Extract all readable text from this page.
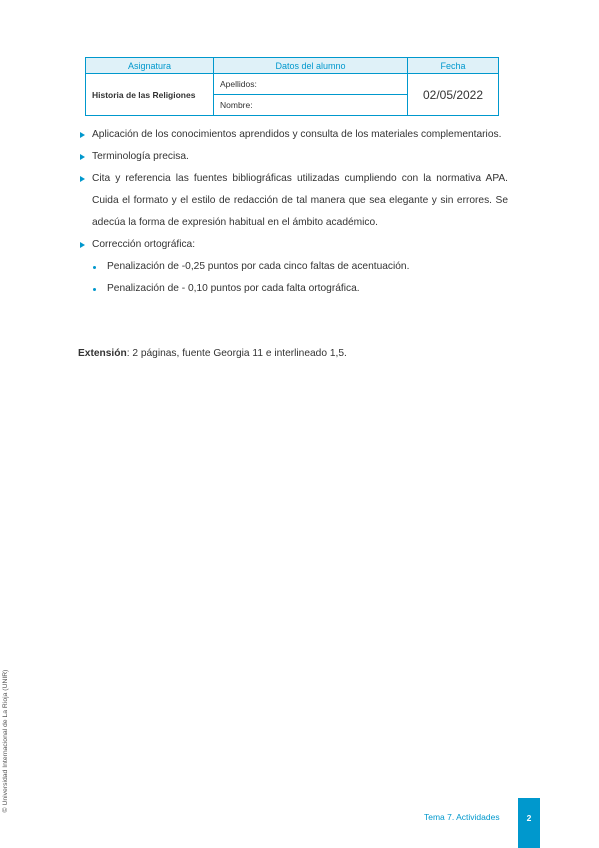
Asignatura	Datos del alumno	Fecha
Historia de las Religiones	Apellidos:	02/05/2022
	Nombre:	
Aplicación de los conocimientos aprendidos y consulta de los materiales complementarios.
Terminología precisa.
Cita y referencia las fuentes bibliográficas utilizadas cumpliendo con la normativa APA. Cuida el formato y el estilo de redacción de tal manera que sea elegante y sin errores. Se adecúa la forma de expresión habitual en el ámbito académico.
Corrección ortográfica:
Penalización de -0,25 puntos por cada cinco faltas de acentuación.
Penalización de - 0,10 puntos por cada falta ortográfica.
Extensión: 2 páginas, fuente Georgia 11 e interlineado 1,5.
© Universidad Internacional de La Rioja (UNIR)
Tema 7. Actividades	2
